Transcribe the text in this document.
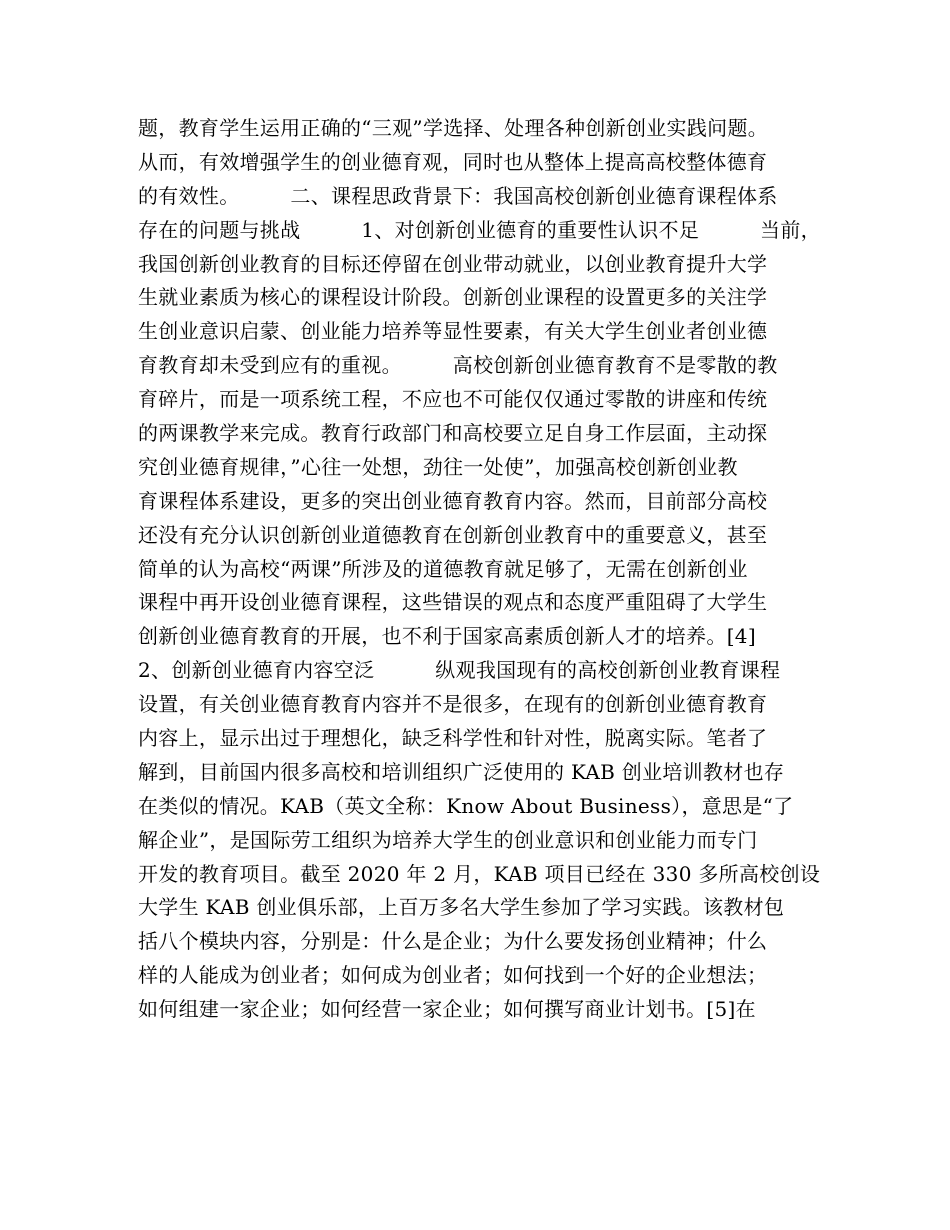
题，教育学生运用正确的“三观”学选择、处理各种创新创业实践问题。
从而，有效增强学生的创业德育观，同时也从整体上提高高校整体德育
的有效性。　　　二、课程思政背景下：我国高校创新创业德育课程体系
存在的问题与挑战　　　1、对创新创业德育的重要性认识不足　　　当前，
我国创新创业教育的目标还停留在创业带动就业，以创业教育提升大学
生就业素质为核心的课程设计阶段。创新创业课程的设置更多的关注学
生创业意识启蒙、创业能力培养等显性要素，有关大学生创业者创业德
育教育却未受到应有的重视。　　　高校创新创业德育教育不是零散的教
育碎片，而是一项系统工程，不应也不可能仅仅通过零散的讲座和传统
的两课教学来完成。教育行政部门和高校要立足自身工作层面，主动探
究创业德育规律，”心往一处想，劲往一处使”，加强高校创新创业教
育课程体系建设，更多的突出创业德育教育内容。然而，目前部分高校
还没有充分认识创新创业道德教育在创新创业教育中的重要意义，甚至
简单的认为高校“两课”所涉及的道德教育就足够了，无需在创新创业
课程中再开设创业德育课程，这些错误的观点和态度严重阻碍了大学生
创新创业德育教育的开展，也不利于国家高素质创新人才的培养。[4]
2、创新创业德育内容空泛　　　纵观我国现有的高校创新创业教育课程
设置，有关创业德育教育内容并不是很多，在现有的创新创业德育教育
内容上，显示出过于理想化，缺乏科学性和针对性，脱离实际。笔者了
解到，目前国内很多高校和培训组织广泛使用的 KAB 创业培训教材也存
在类似的情况。KAB（英文全称：Know About Business），意思是“了
解企业”，是国际劳工组织为培养大学生的创业意识和创业能力而专门
开发的教育项目。截至 2020 年 2 月，KAB 项目已经在 330 多所高校创设
大学生 KAB 创业俱乐部，上百万多名大学生参加了学习实践。该教材包
括八个模块内容，分别是：什么是企业；为什么要发扬创业精神；什么
样的人能成为创业者；如何成为创业者；如何找到一个好的企业想法；
如何组建一家企业；如何经营一家企业；如何撰写商业计划书。[5]在
